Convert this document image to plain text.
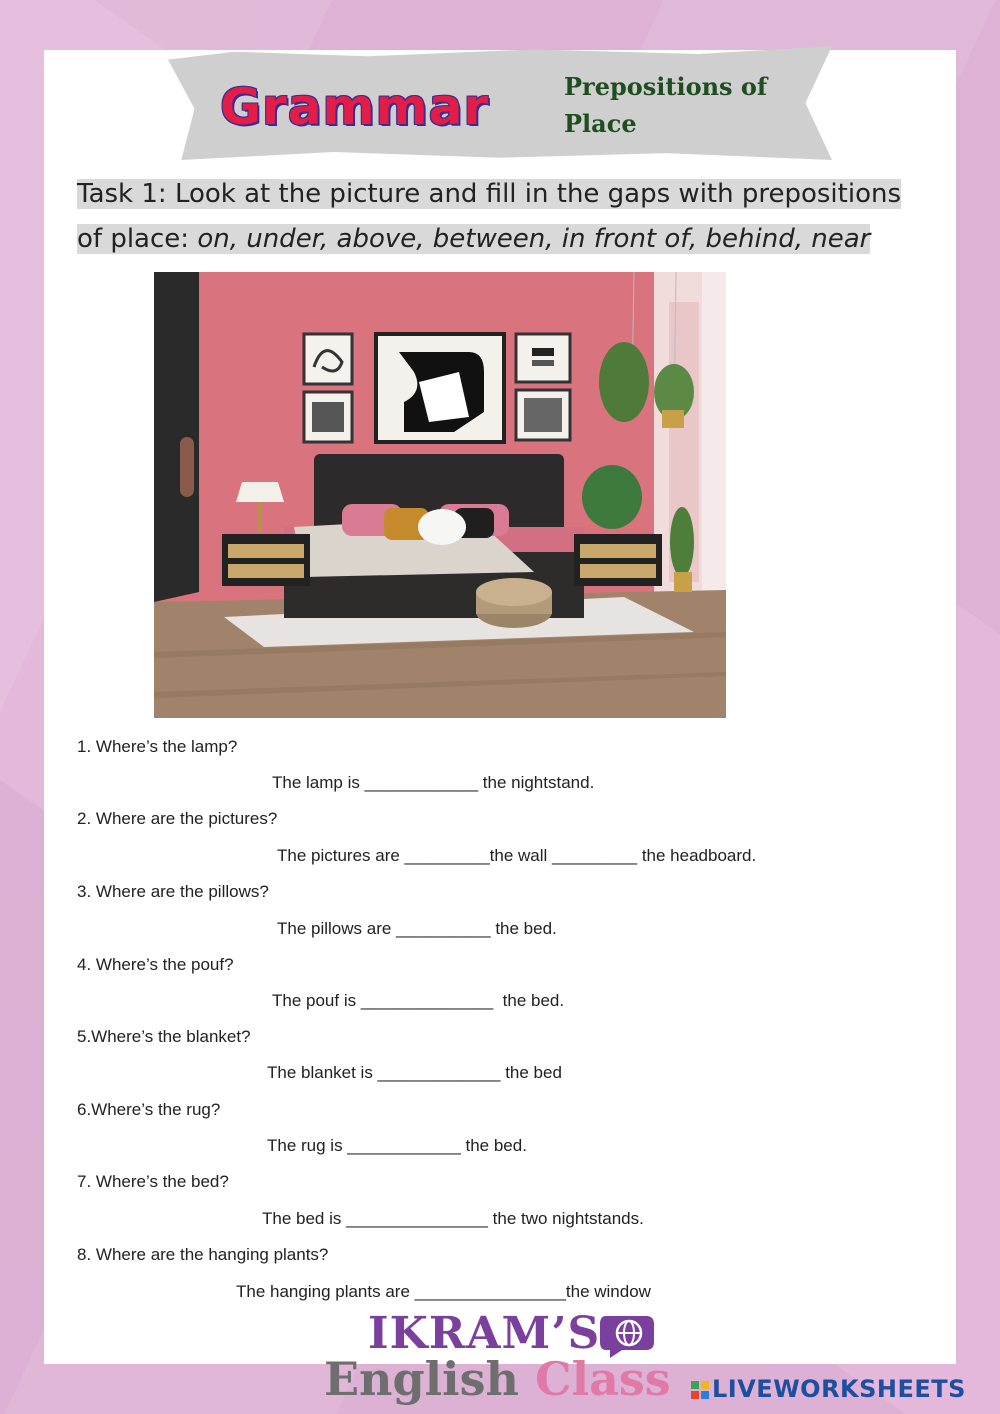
Grammar	Prepositions of Place
Task 1: Look at the picture and fill in the gaps with prepositions
of place: on, under, above, between, in front of, behind, near
1. Where’s the lamp?
The lamp is ____________ the nightstand.
2. Where are the pictures?
The pictures are _________the wall _________ the headboard.
3. Where are the pillows?
The pillows are __________ the bed.
4. Where’s the pouf?
The pouf is ______________  the bed.
5.Where’s the blanket?
The blanket is _____________ the bed
6.Where’s the rug?
The rug is ____________ the bed.
7. Where’s the bed?
The bed is _______________ the two nightstands.
8. Where are the hanging plants?
The hanging plants are ________________the window
IKRAM’S
English Class	LIVEWORKSHEETS
